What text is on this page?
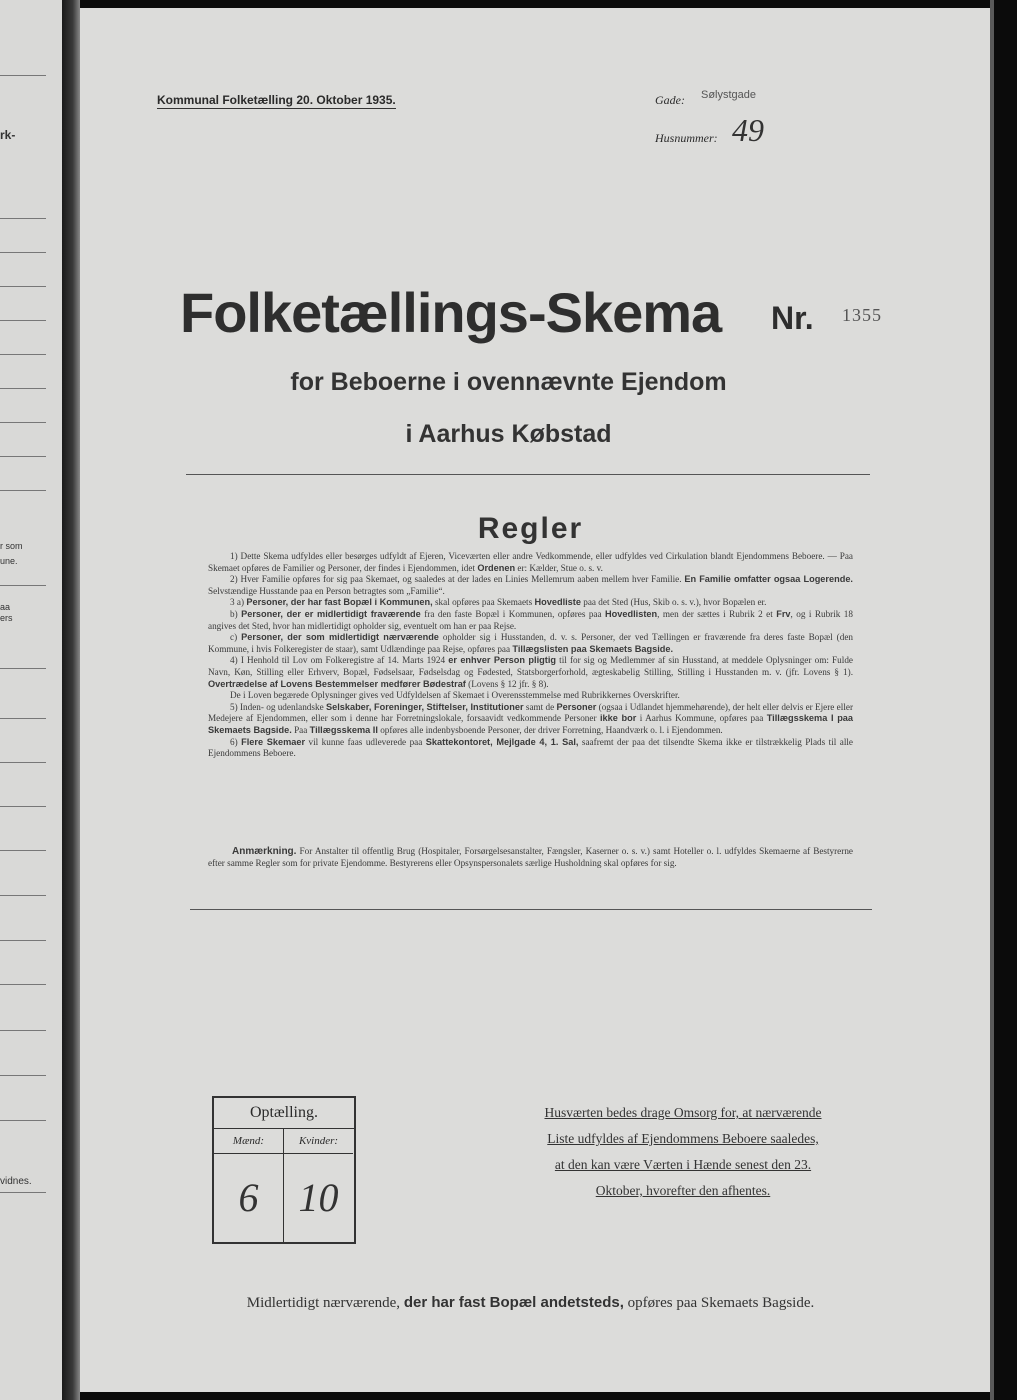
rk-
r som
une.
aa
ers
vidnes.
Kommunal Folketælling 20. Oktober 1935.	Gade: Sølystgade
Husnummer: 49
Folketællings-Skema Nr. 1355
for Beboerne i ovennævnte Ejendom
i Aarhus Købstad
Regler

1) Dette Skema udfyldes eller besørges udfyldt af Ejeren, Viceværten eller andre Vedkommende, eller udfyldes ved Cirkulation blandt Ejendommens Beboere. — Paa Skemaet opføres de Familier og Personer, der findes i Ejendommen, idet Ordenen er: Kælder, Stue o. s. v.

2) Hver Familie opføres for sig paa Skemaet, og saaledes at der lades en Linies Mellemrum aaben mellem hver Familie. En Familie omfatter ogsaa Logerende. Selvstændige Husstande paa en Person betragtes som „Familie“.

3 a) Personer, der har fast Bopæl i Kommunen, skal opføres paa Skemaets Hovedliste paa det Sted (Hus, Skib o. s. v.), hvor Bopælen er.

b) Personer, der er midlertidigt fraværende fra den faste Bopæl i Kommunen, opføres paa Hovedlisten, men der sættes i Rubrik 2 et Frv, og i Rubrik 18 angives det Sted, hvor han midlertidigt opholder sig, eventuelt om han er paa Rejse.

c) Personer, der som midlertidigt nærværende opholder sig i Husstanden, d. v. s. Personer, der ved Tællingen er fraværende fra deres faste Bopæl (den Kommune, i hvis Folkeregister de staar), samt Udlændinge paa Rejse, opføres paa Tillægslisten paa Skemaets Bagside.

4) I Henhold til Lov om Folkeregistre af 14. Marts 1924 er enhver Person pligtig til for sig og Medlemmer af sin Husstand, at meddele Oplysninger om: Fulde Navn, Køn, Stilling eller Erhverv, Bopæl, Fødselsaar, Fødselsdag og Fødested, Statsborgerforhold, ægteskabelig Stilling, Stilling i Husstanden m. v. (jfr. Lovens § 1). Overtrædelse af Lovens Bestemmelser medfører Bødestraf (Lovens § 12 jfr. § 8).

De i Loven begærede Oplysninger gives ved Udfyldelsen af Skemaet i Overensstemmelse med Rubrikkernes Overskrifter.

5) Inden- og udenlandske Selskaber, Foreninger, Stiftelser, Institutioner samt de Personer (ogsaa i Udlandet hjemmehørende), der helt eller delvis er Ejere eller Medejere af Ejendommen, eller som i denne har Forretningslokale, forsaavidt vedkommende Personer ikke bor i Aarhus Kommune, opføres paa Tillægsskema I paa Skemaets Bagside. Paa Tillægsskema II opføres alle indenbysboende Personer, der driver Forretning, Haandværk o. l. i Ejendommen.

6) Flere Skemaer vil kunne faas udleverede paa Skattekontoret, Mejlgade 4, 1. Sal, saafremt der paa det tilsendte Skema ikke er tilstrækkelig Plads til alle Ejendommens Beboere.

Anmærkning. For Anstalter til offentlig Brug (Hospitaler, Forsørgelsesanstalter, Fængsler, Kaserner o. s. v.) samt Hoteller o. l. udfyldes Skemaerne af Bestyrerne efter samme Regler som for private Ejendomme. Bestyrerens eller Opsynspersonalets særlige Husholdning skal opføres for sig.
Optælling.
Mænd:
6
Kvinder:
10
Husværten bedes drage Omsorg for, at nærværende
Liste udfyldes af Ejendommens Beboere saaledes,
at den kan være Værten i Hænde senest den 23.
Oktober, hvorefter den afhentes.
Midlertidigt nærværende, der har fast Bopæl andetsteds, opføres paa Skemaets Bagside.
